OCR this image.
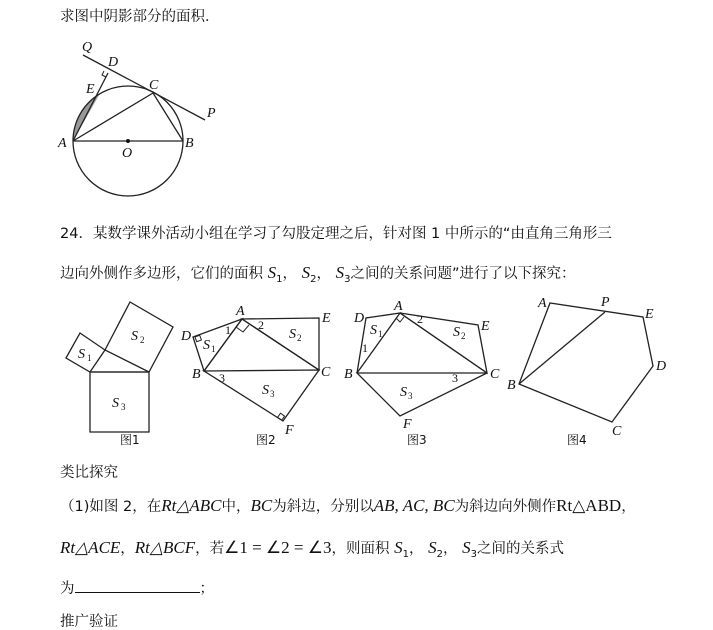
求图中阴影部分的面积．
Q
D
E	C
P
A
O
B
S 1
S 2
S 3
图1
A
D
E
B	C
F
1 2
3
S 1
S 2
S 3
图2
A
D
E
B	C
F
1
2
3
S 1	S 2
S 3
图3
A	P
E
D
B
C
图4
24．某数学课外活动小组在学习了勾股定理之后，针对图 1 中所示的“由直角三角形三
边向外侧作多边形，它们的面积 $S_1$， $S_2$， $S_3$之间的关系问题”进行了以下探究：
类比探究
（1)如图 2，在Rt△ABC中，BC为斜边，分别以AB, AC, BC为斜边向外侧作Rt△ABD，
Rt△ACE，Rt△BCF，若∠1 = ∠2 = ∠3，则面积 $S_1$， $S_2$， $S_3$之间的关系式
为	；
推广验证
